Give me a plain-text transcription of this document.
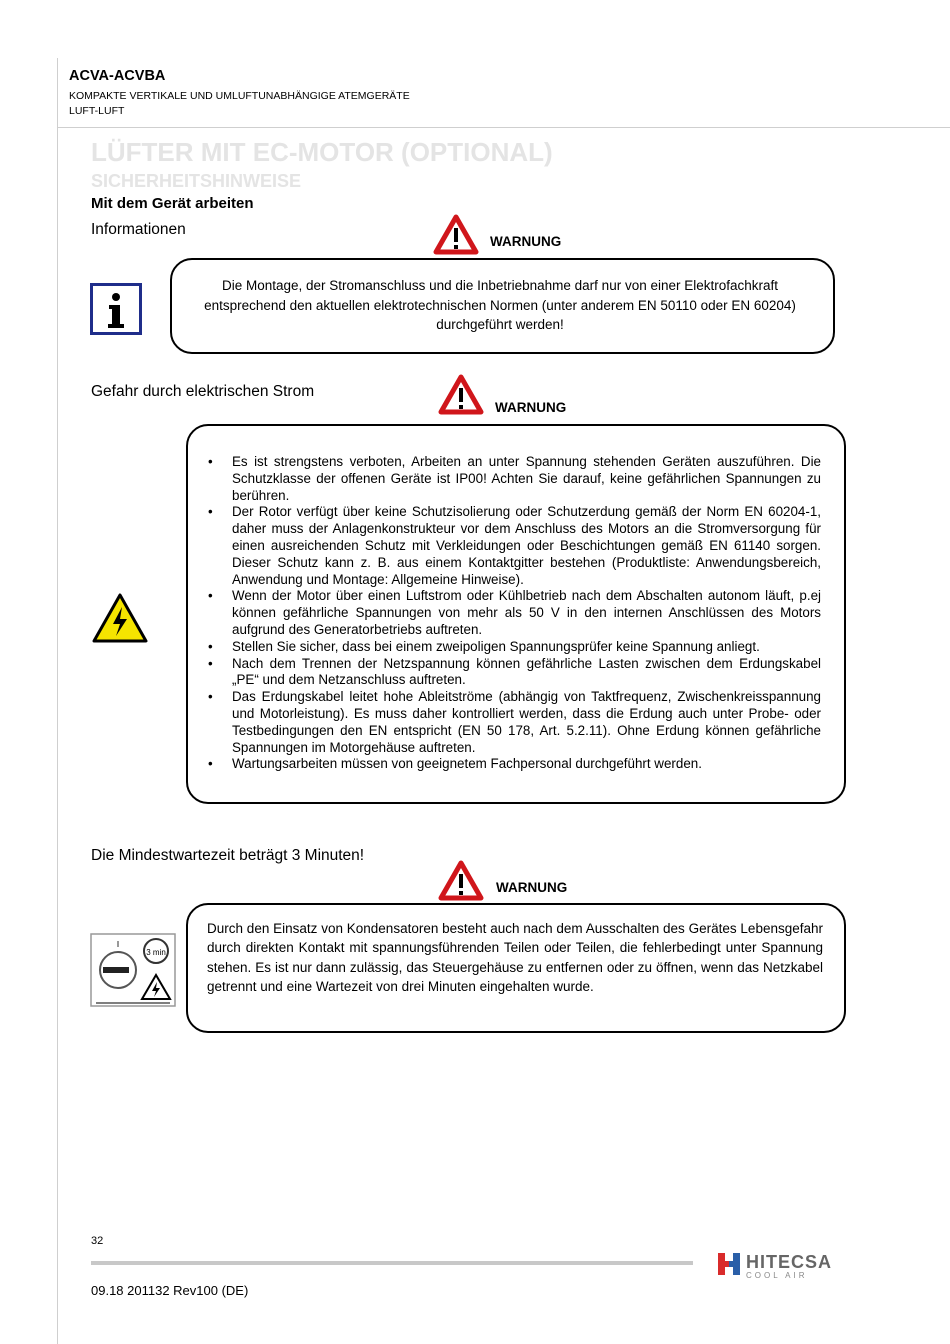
ACVA-ACVBA
KOMPAKTE VERTIKALE UND UMLUFTUNABHÄNGIGE ATEMGERÄTE
LUFT-LUFT
LÜFTER MIT EC-MOTOR (OPTIONAL)
SICHERHEITSHINWEISE
Mit dem Gerät arbeiten
Informationen
WARNUNG
Die Montage, der Stromanschluss und die Inbetriebnahme darf nur von einer Elektrofachkraft entsprechend den aktuellen elektrotechnischen Normen (unter anderem EN 50110 oder EN 60204) durchgeführt werden!
Gefahr durch elektrischen Strom
WARNUNG
• Es ist strengstens verboten, Arbeiten an unter Spannung stehenden Geräten auszuführen. Die Schutzklasse der offenen Geräte ist IP00! Achten Sie darauf, keine gefährlichen Spannungen zu berühren.
• Der Rotor verfügt über keine Schutzisolierung oder Schutzerdung gemäß der Norm EN 60204-1, daher muss der Anlagenkonstrukteur vor dem Anschluss des Motors an die Stromversorgung für einen ausreichenden Schutz mit Verkleidungen oder Beschichtungen gemäß EN 61140 sorgen. Dieser Schutz kann z. B. aus einem Kontaktgitter bestehen (Produktliste: Anwendungsbereich, Anwendung und Montage: Allgemeine Hinweise).
• Wenn der Motor über einen Luftstrom oder Kühlbetrieb nach dem Abschalten autonom läuft, p.ej können gefährliche Spannungen von mehr als 50 V in den internen Anschlüssen des Motors aufgrund des Generatorbetriebs auftreten.
• Stellen Sie sicher, dass bei einem zweipoligen Spannungsprüfer keine Spannung anliegt.
• Nach dem Trennen der Netzspannung können gefährliche Lasten zwischen dem Erdungskabel „PE“ und dem Netzanschluss auftreten.
• Das Erdungskabel leitet hohe Ableitströme (abhängig von Taktfrequenz, Zwischenkreisspannung und Motorleistung). Es muss daher kontrolliert werden, dass die Erdung auch unter Probe- oder Testbedingungen den EN entspricht (EN 50 178, Art. 5.2.11). Ohne Erdung können gefährliche Spannungen im Motorgehäuse auftreten.
• Wartungsarbeiten müssen von geeignetem Fachpersonal durchgeführt werden.
Die Mindestwartezeit beträgt 3 Minuten!
WARNUNG
3 min
Durch den Einsatz von Kondensatoren besteht auch nach dem Ausschalten des Gerätes Lebensgefahr durch direkten Kontakt mit spannungsführenden Teilen oder Teilen, die fehlerbedingt unter Spannung stehen. Es ist nur dann zulässig, das Steuergehäuse zu entfernen oder zu öffnen, wenn das Netzkabel getrennt und eine Wartezeit von drei Minuten eingehalten wurde.
32
09.18 201132 Rev100 (DE)
HITECSA
COOL AIR
